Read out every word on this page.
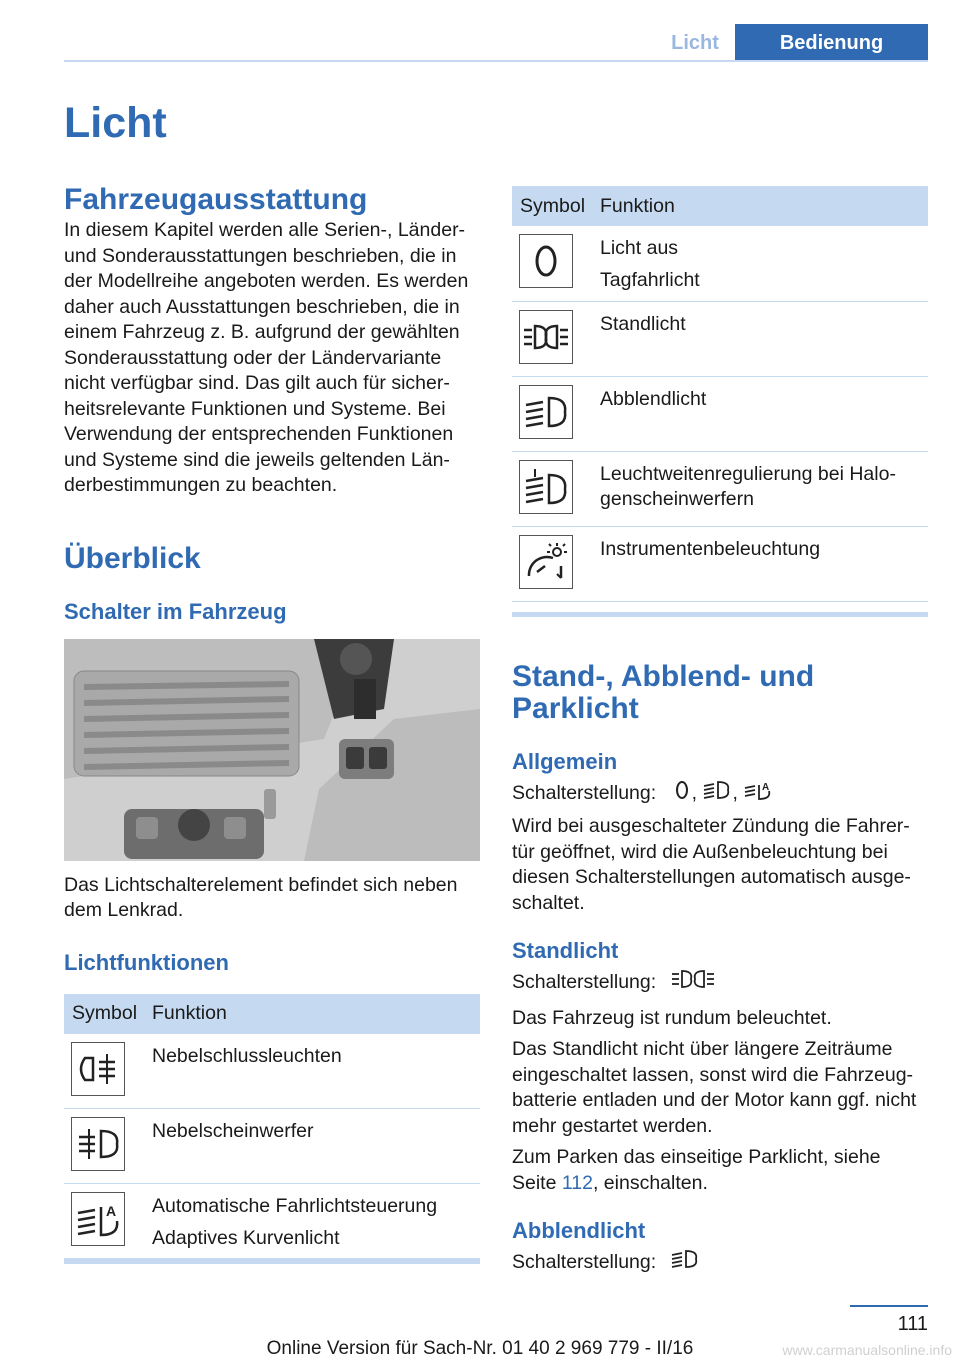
Licht	Bedienung
Licht
Fahrzeugausstattung

In diesem Kapitel werden alle Serien-, Länder- und Sonderausstattungen beschrieben, die in der Modellreihe angeboten werden. Es werden daher auch Ausstattungen beschrieben, die in einem Fahrzeug z. B. aufgrund der gewählten Sonderausstattung oder der Ländervariante nicht verfügbar sind. Das gilt auch für sicher- heitsrelevante Funktionen und Systeme. Bei Verwendung der entsprechenden Funktionen und Systeme sind die jeweils geltenden Län- derbestimmungen zu beachten.

Überblick
Schalter im Fahrzeug

Das Lichtschalterelement befindet sich neben dem Lenkrad.

Lichtfunktionen
Symbol	Funktion

Nebelschlussleuchten

Nebelscheinwerfer

A	Automatische Fahrlichtsteuerung
Adaptives Kurvenlicht
Symbol	Funktion

Licht aus
Tagfahrlicht

Standlicht

Abblendlicht

Leuchtweitenregulierung bei Halo- genscheinwerfern

Instrumentenbeleuchtung
Stand-, Abblend- und Parklicht
Allgemein

Schalterstellung: , , A

Wird bei ausgeschalteter Zündung die Fahrer- tür geöffnet, wird die Außenbeleuchtung bei diesen Schalterstellungen automatisch ausge- schaltet.

Standlicht

Schalterstellung:

Das Fahrzeug ist rundum beleuchtet.

Das Standlicht nicht über längere Zeiträume eingeschaltet lassen, sonst wird die Fahrzeug- batterie entladen und der Motor kann ggf. nicht mehr gestartet werden.

Zum Parken das einseitige Parklicht, siehe Seite 112, einschalten.

Abblendlicht

Schalterstellung:

111
Online Version für Sach-Nr. 01 40 2 969 779 - II/16	www.carmanualsonline.info
